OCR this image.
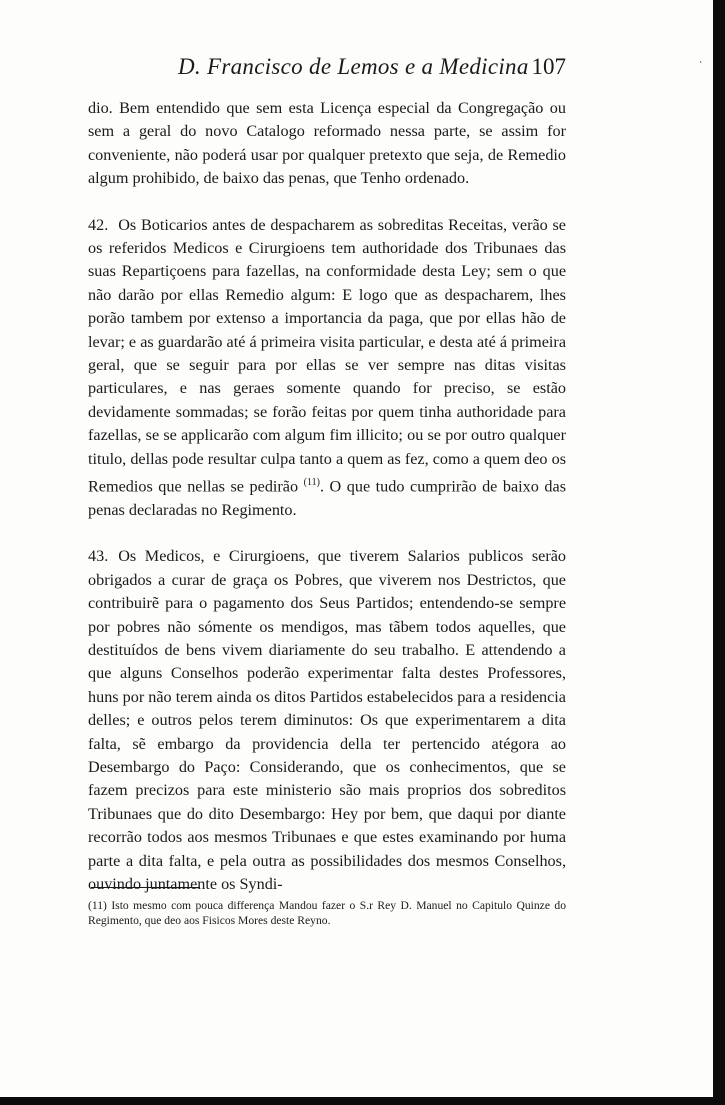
D. Francisco de Lemos e a Medicina 107

dio. Bem entendido que sem esta Licença especial da Congregação ou sem a geral do novo Catalogo reformado nessa parte, se assim for conveniente, não poderá usar por qualquer pretexto que seja, de Remedio algum prohibido, de baixo das penas, que Tenho ordenado.

42. Os Boticarios antes de despacharem as sobreditas Receitas, verão se os referidos Medicos e Cirurgioens tem authoridade dos Tribunaes das suas Repartiçoens para fazellas, na conformidade desta Ley; sem o que não darão por ellas Remedio algum: E logo que as despacharem, lhes porão tambem por extenso a importancia da paga, que por ellas hão de levar; e as guardarão até á primeira visita particular, e desta até á primeira geral, que se seguir para por ellas se ver sempre nas ditas visitas particulares, e nas geraes somente quando for preciso, se estão devidamente sommadas; se forão feitas por quem tinha authoridade para fazellas, se se applicarão com algum fim illicito; ou se por outro qualquer titulo, dellas pode resultar culpa tanto a quem as fez, como a quem deo os Remedios que nellas se pedirão $^{(11)}$. O que tudo cumprirão de baixo das penas declaradas no Regimento.

43. Os Medicos, e Cirurgioens, que tiverem Salarios publicos serão obrigados a curar de graça os Pobres, que viverem nos Destrictos, que contribuirẽ para o pagamento dos Seus Partidos; entendendo-se sempre por pobres não sómente os mendigos, mas tãbem todos aquelles, que destituídos de bens vivem diariamente do seu trabalho. E attendendo a que alguns Conselhos poderão experimentar falta destes Professores, huns por não terem ainda os ditos Partidos estabelecidos para a residencia delles; e outros pelos terem diminutos: Os que experimentarem a dita falta, sẽ embargo da providencia della ter pertencido atégora ao Desembargo do Paço: Considerando, que os conhecimentos, que se fazem precizos para este ministerio são mais proprios dos sobreditos Tribunaes que do dito Desembargo: Hey por bem, que daqui por diante recorrão todos aos mesmos Tribunaes e que estes examinando por huma parte a dita falta, e pela outra as possibilidades dos mesmos Conselhos, ouvindo juntamente os Syndi-

(11) Isto mesmo com pouca differença Mandou fazer o S.r Rey D. Manuel no Capitulo Quinze do Regimento, que deo aos Fisicos Mores deste Reyno.
ˌ
